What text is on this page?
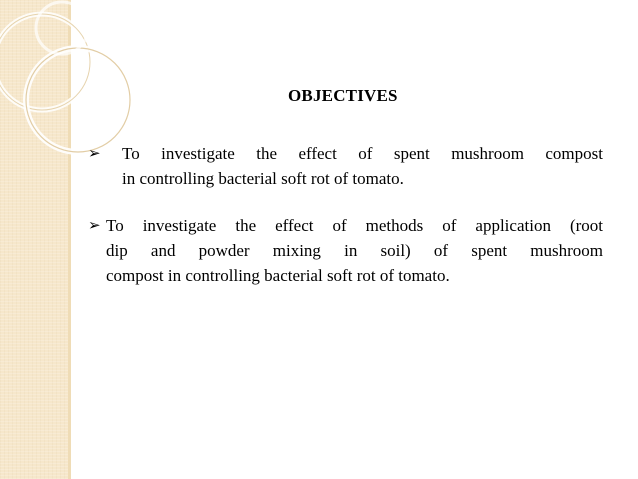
OBJECTIVES
➢ To investigate the effect of spent mushroom compost
in controlling bacterial soft rot of tomato.
➢ To investigate the effect of methods of application (root
dip and powder mixing in soil) of spent mushroom
compost in controlling bacterial soft rot of tomato.
